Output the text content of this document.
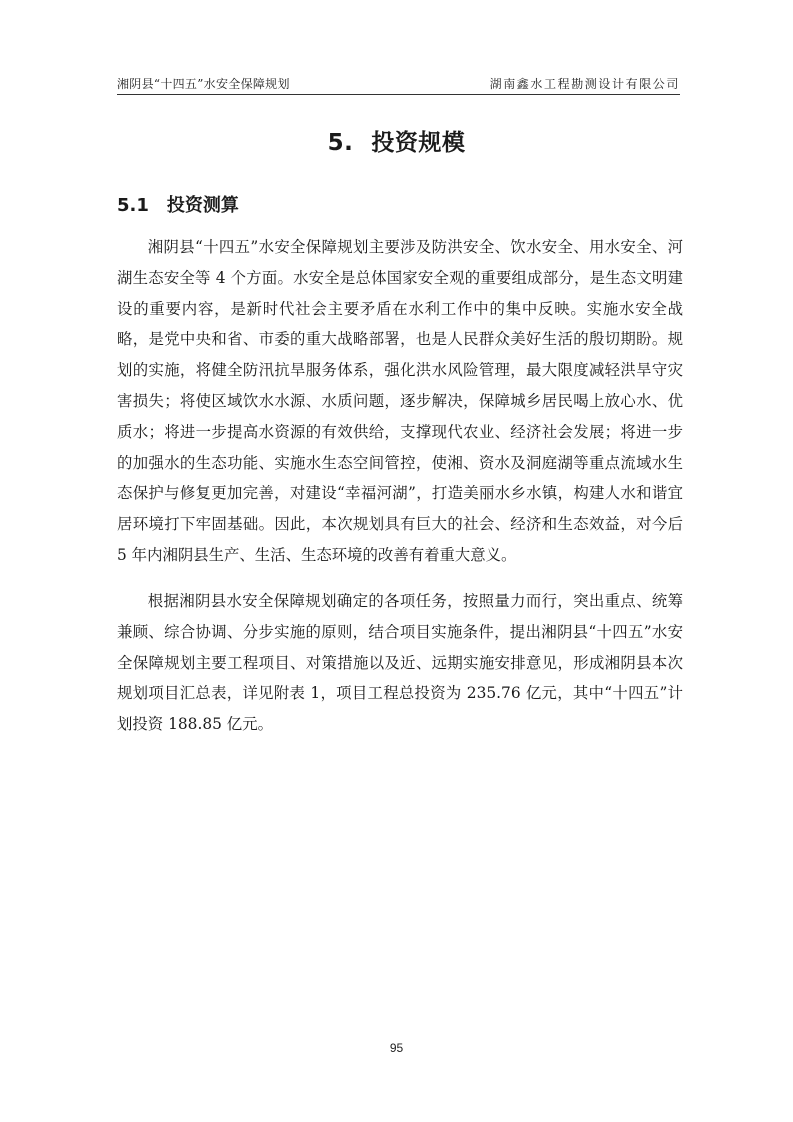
湘阴县“十四五”水安全保障规划	湖南鑫水工程勘测设计有限公司
5. 投资规模
5.1 投资测算

湘阴县“十四五”水安全保障规划主要涉及防洪安全、饮水安全、用水安全、河湖生态安全等 4 个方面。水安全是总体国家安全观的重要组成部分，是生态文明建设的重要内容，是新时代社会主要矛盾在水利工作中的集中反映。实施水安全战略，是党中央和省、市委的重大战略部署，也是人民群众美好生活的殷切期盼。规划的实施，将健全防汛抗旱服务体系，强化洪水风险管理，最大限度减轻洪旱守灾害损失；将使区域饮水水源、水质问题，逐步解决，保障城乡居民喝上放心水、优质水；将进一步提高水资源的有效供给，支撑现代农业、经济社会发展；将进一步的加强水的生态功能、实施水生态空间管控，使湘、资水及洞庭湖等重点流域水生态保护与修复更加完善，对建设“幸福河湖”，打造美丽水乡水镇，构建人水和谐宜居环境打下牢固基础。因此，本次规划具有巨大的社会、经济和生态效益，对今后 5 年内湘阴县生产、生活、生态环境的改善有着重大意义。

根据湘阴县水安全保障规划确定的各项任务，按照量力而行，突出重点、统筹兼顾、综合协调、分步实施的原则，结合项目实施条件，提出湘阴县“十四五”水安全保障规划主要工程项目、对策措施以及近、远期实施安排意见，形成湘阴县本次规划项目汇总表，详见附表 1，项目工程总投资为 235.76 亿元，其中“十四五”计划投资 188.85 亿元。

95
